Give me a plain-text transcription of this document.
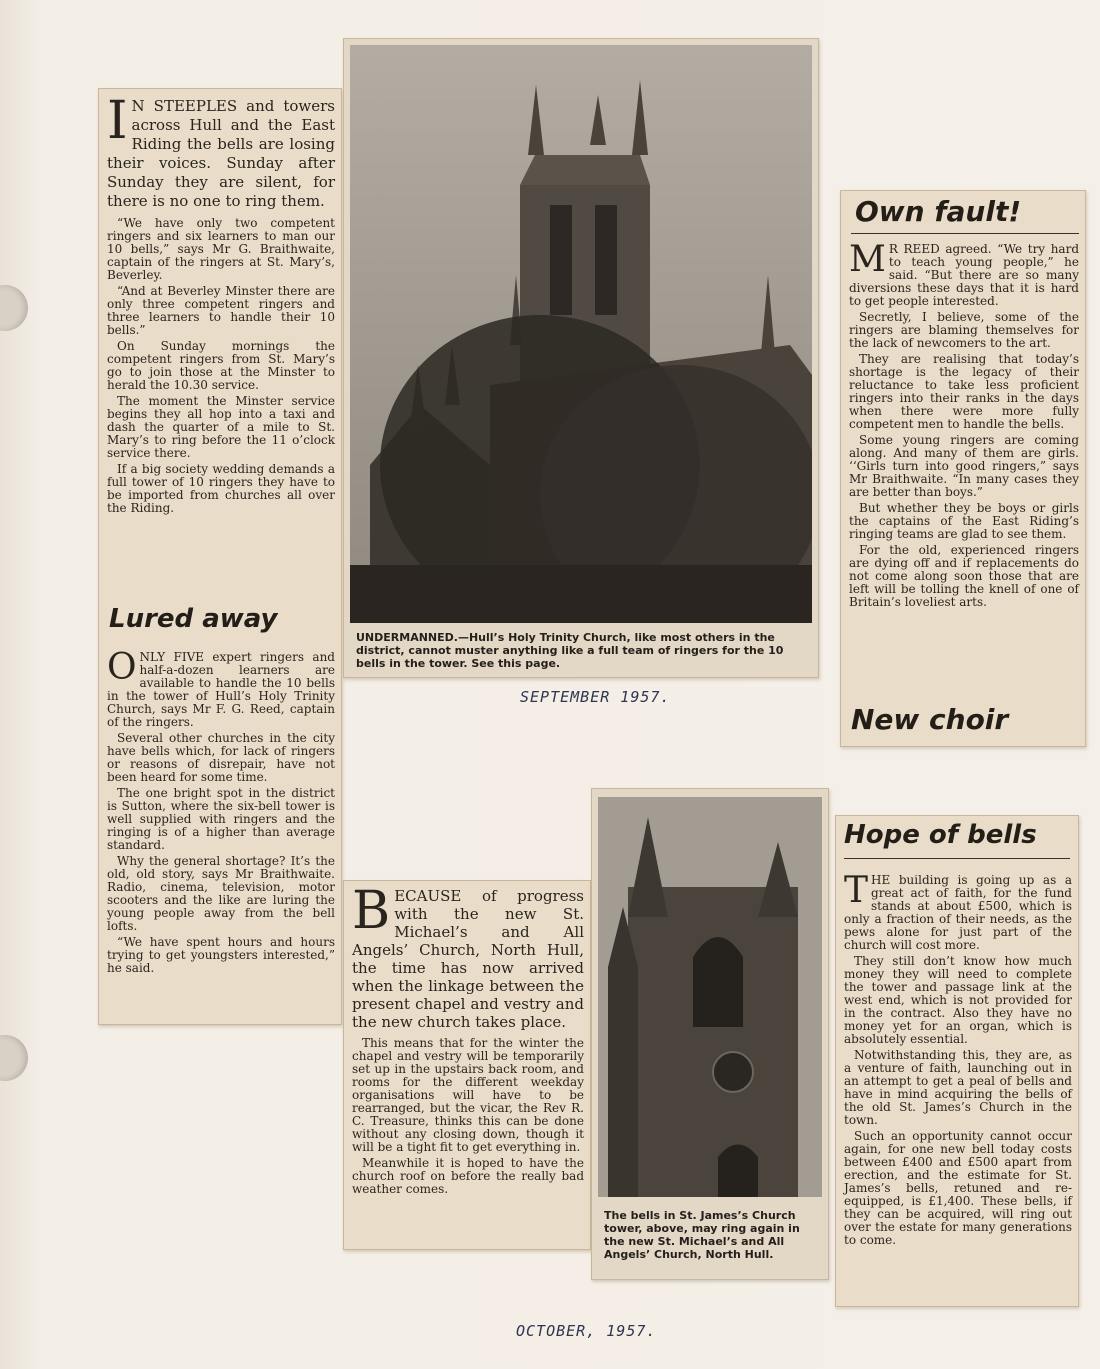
I N STEEPLES and towers across Hull and the East Riding the bells are losing their voices. Sunday after Sunday they are silent, for there is no one to ring them.

“We have only two competent ringers and six learners to man our 10 bells,” says Mr G. Braithwaite, captain of the ringers at St. Mary’s, Beverley.

“And at Beverley Minster there are only three competent ringers and three learners to handle their 10 bells.”

On Sunday mornings the competent ringers from St. Mary’s go to join those at the Minster to herald the 10.30 service.

The moment the Minster service begins they all hop into a taxi and dash the quarter of a mile to St. Mary’s to ring before the 11 o’clock service there.

If a big society wedding demands a full tower of 10 ringers they have to be imported from churches all over the Riding.

Lured away

O NLY FIVE expert ringers and half-a-dozen learners are available to handle the 10 bells in the tower of Hull’s Holy Trinity Church, says Mr F. G. Reed, captain of the ringers.

Several other churches in the city have bells which, for lack of ringers or reasons of disrepair, have not been heard for some time.

The one bright spot in the district is Sutton, where the six-bell tower is well supplied with ringers and the ringing is of a higher than average standard.

Why the general shortage? It’s the old, old story, says Mr Braithwaite. Radio, cinema, television, motor scooters and the like are luring the young people away from the bell lofts.

“We have spent hours and hours trying to get youngsters interested,” he said.

UNDERMANNED.—Hull’s Holy Trinity Church, like most others in the district, cannot muster anything like a full team of ringers for the 10 bells in the tower. See this page.
SEPTEMBER 1957.
Own fault!

M R REED agreed. “We try hard to teach young people,” he said. “But there are so many diversions these days that it is hard to get people interested.

Secretly, I believe, some of the ringers are blaming themselves for the lack of newcomers to the art.

They are realising that today’s shortage is the legacy of their reluctance to take less proficient ringers into their ranks in the days when there were more fully competent men to handle the bells.

Some young ringers are coming along. And many of them are girls. ‘‘Girls turn into good ringers,” says Mr Braithwaite. “In many cases they are better than boys.”

But whether they be boys or girls the captains of the East Riding’s ringing teams are glad to see them.

For the old, experienced ringers are dying off and if replacements do not come along soon those that are left will be tolling the knell of one of Britain’s loveliest arts.

New choir
B ECAUSE of progress with the new St. Michael’s and All Angels’ Church, North Hull, the time has now arrived when the linkage between the present chapel and vestry and the new church takes place.

This means that for the winter the chapel and vestry will be temporarily set up in the upstairs back room, and rooms for the different weekday organisations will have to be rearranged, but the vicar, the Rev R. C. Treasure, thinks this can be done without any closing down, though it will be a tight fit to get everything in.

Meanwhile it is hoped to have the church roof on before the really bad weather comes.

The bells in St. James’s Church tower, above, may ring again in the new St. Michael’s and All Angels’ Church, North Hull.
Hope of bells

T HE building is going up as a great act of faith, for the fund stands at about £500, which is only a fraction of their needs, as the pews alone for just part of the church will cost more.

They still don’t know how much money they will need to complete the tower and passage link at the west end, which is not provided for in the contract. Also they have no money yet for an organ, which is absolutely essential.

Notwithstanding this, they are, as a venture of faith, launching out in an attempt to get a peal of bells and have in mind acquiring the bells of the old St. James’s Church in the town.

Such an opportunity cannot occur again, for one new bell today costs between £400 and £500 apart from erection, and the estimate for St. James’s bells, retuned and re-equipped, is £1,400. These bells, if they can be acquired, will ring out over the estate for many generations to come.

OCTOBER, 1957.
